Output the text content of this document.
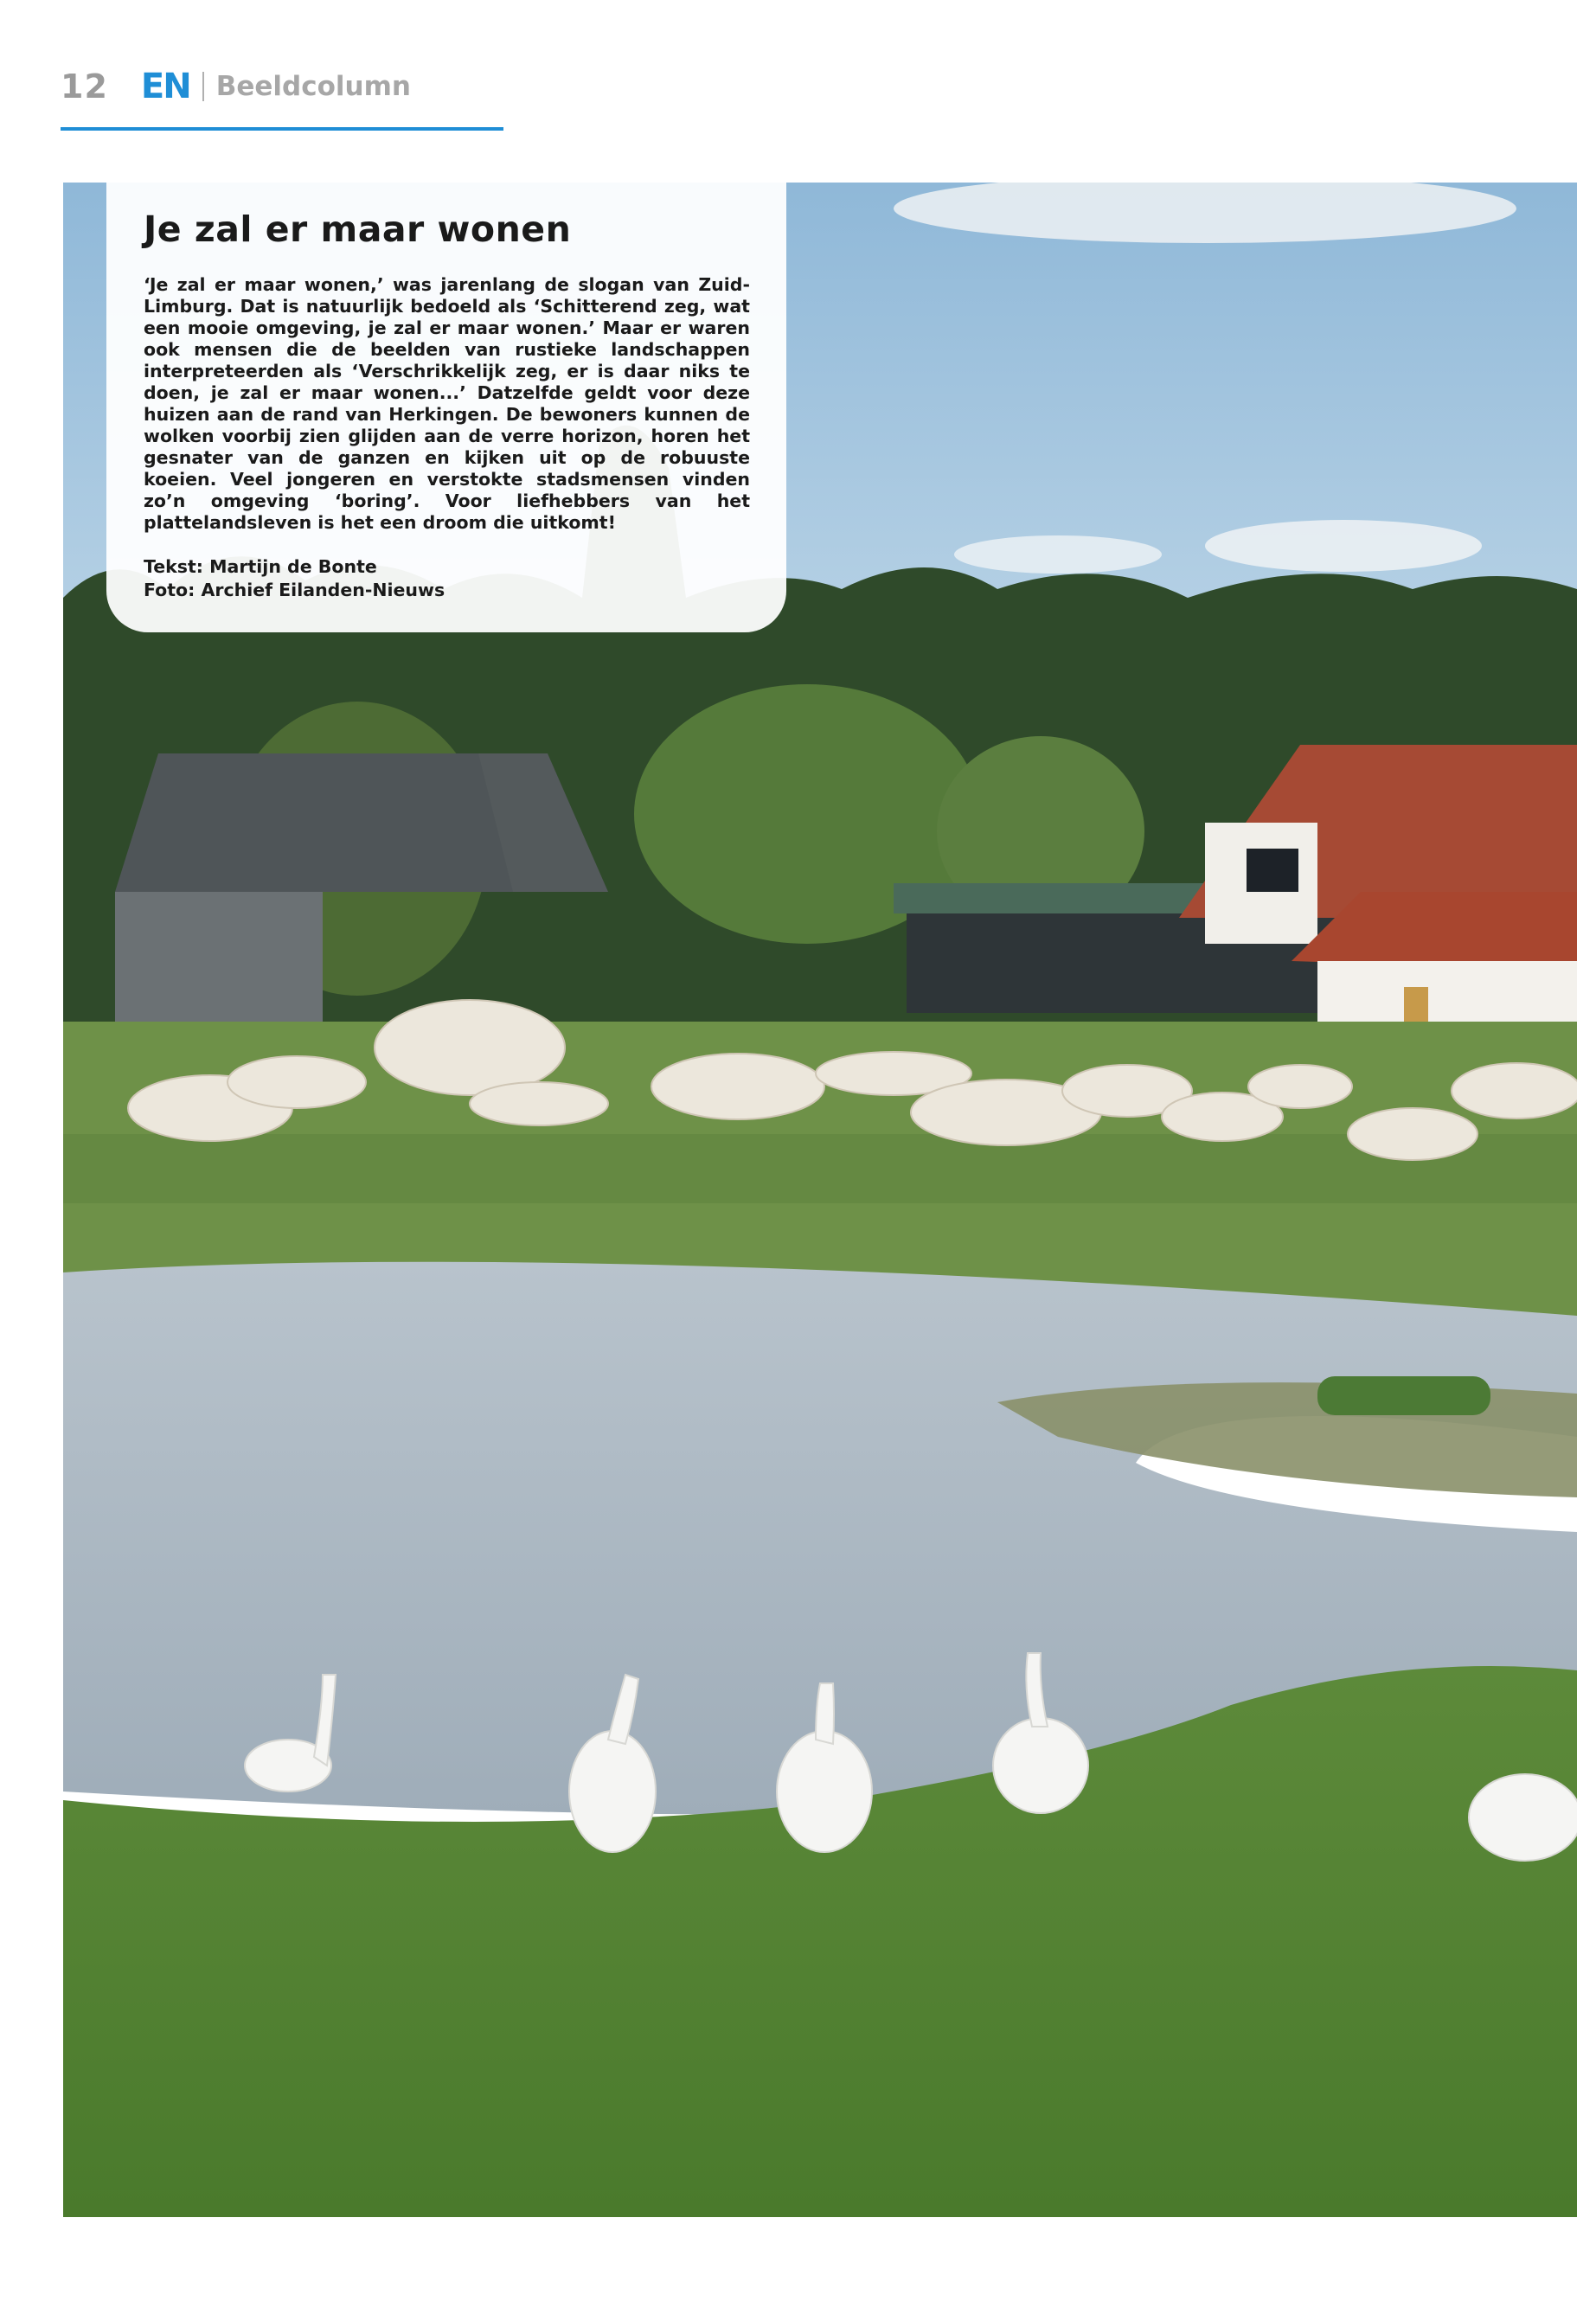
12 EN Beeldcolumn
Je zal er maar wonen

‘Je zal er maar wonen,’ was jarenlang de slogan van Zuid-Limburg. Dat is natuurlijk bedoeld als ‘Schitterend zeg, wat een mooie omgeving, je zal er maar wonen.’ Maar er waren ook mensen die de beelden van rustieke landschappen interpreteerden als ‘Verschrikkelijk zeg, er is daar niks te doen, je zal er maar wonen...’ Datzelfde geldt voor deze huizen aan de rand van Herkingen. De bewoners kunnen de wolken voorbij zien glijden aan de verre horizon, horen het gesnater van de ganzen en kijken uit op de robuuste koeien. Veel jongeren en verstokte stadsmensen vinden zo’n omgeving ‘boring’. Voor liefhebbers van het plattelandsleven is het een droom die uitkomt!

Tekst: Martijn de Bonte
Foto: Archief Eilanden-Nieuws
